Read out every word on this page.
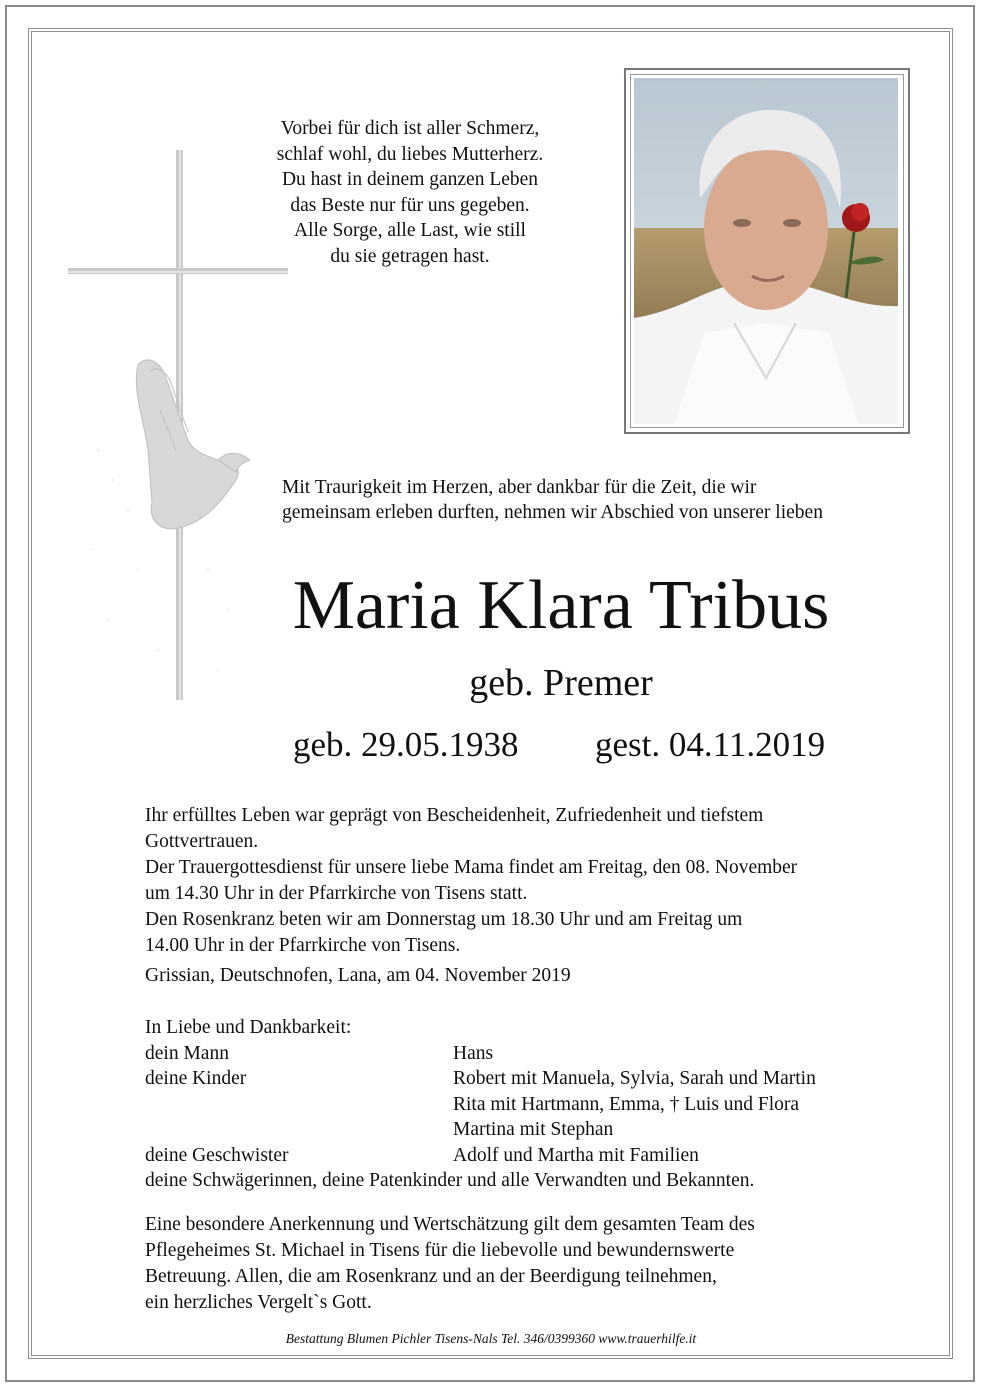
Vorbei für dich ist aller Schmerz,
schlaf wohl, du liebes Mutterherz.
Du hast in deinem ganzen Leben
das Beste nur für uns gegeben.
Alle Sorge, alle Last, wie still
du sie getragen hast.
Mit Traurigkeit im Herzen, aber dankbar für die Zeit, die wir
gemeinsam erleben durften, nehmen wir Abschied von unserer lieben
Maria Klara Tribus
geb. Premer
geb. 29.05.1938 gest. 04.11.2019

Ihr erfülltes Leben war geprägt von Bescheidenheit, Zufriedenheit und tiefstem

Gottvertrauen.

Der Trauergottesdienst für unsere liebe Mama findet am Freitag, den 08. November

um 14.30 Uhr in der Pfarrkirche von Tisens statt.

Den Rosenkranz beten wir am Donnerstag um 18.30 Uhr und am Freitag um

14.00 Uhr in der Pfarrkirche von Tisens.

Grissian, Deutschnofen, Lana, am 04. November 2019

In Liebe und Dankbarkeit:
dein Mann	Hans
deine Kinder	Robert mit Manuela, Sylvia, Sarah und Martin
Rita mit Hartmann, Emma, † Luis und Flora
Martina mit Stephan
deine Geschwister	Adolf und Martha mit Familien
deine Schwägerinnen, deine Patenkinder und alle Verwandten und Bekannten.
Eine besondere Anerkennung und Wertschätzung gilt dem gesamten Team des
Pflegeheimes St. Michael in Tisens für die liebevolle und bewundernswerte
Betreuung. Allen, die am Rosenkranz und an der Beerdigung teilnehmen,
ein herzliches Vergelt`s Gott.
Bestattung Blumen Pichler Tisens-Nals Tel. 346/0399360 www.trauerhilfe.it
